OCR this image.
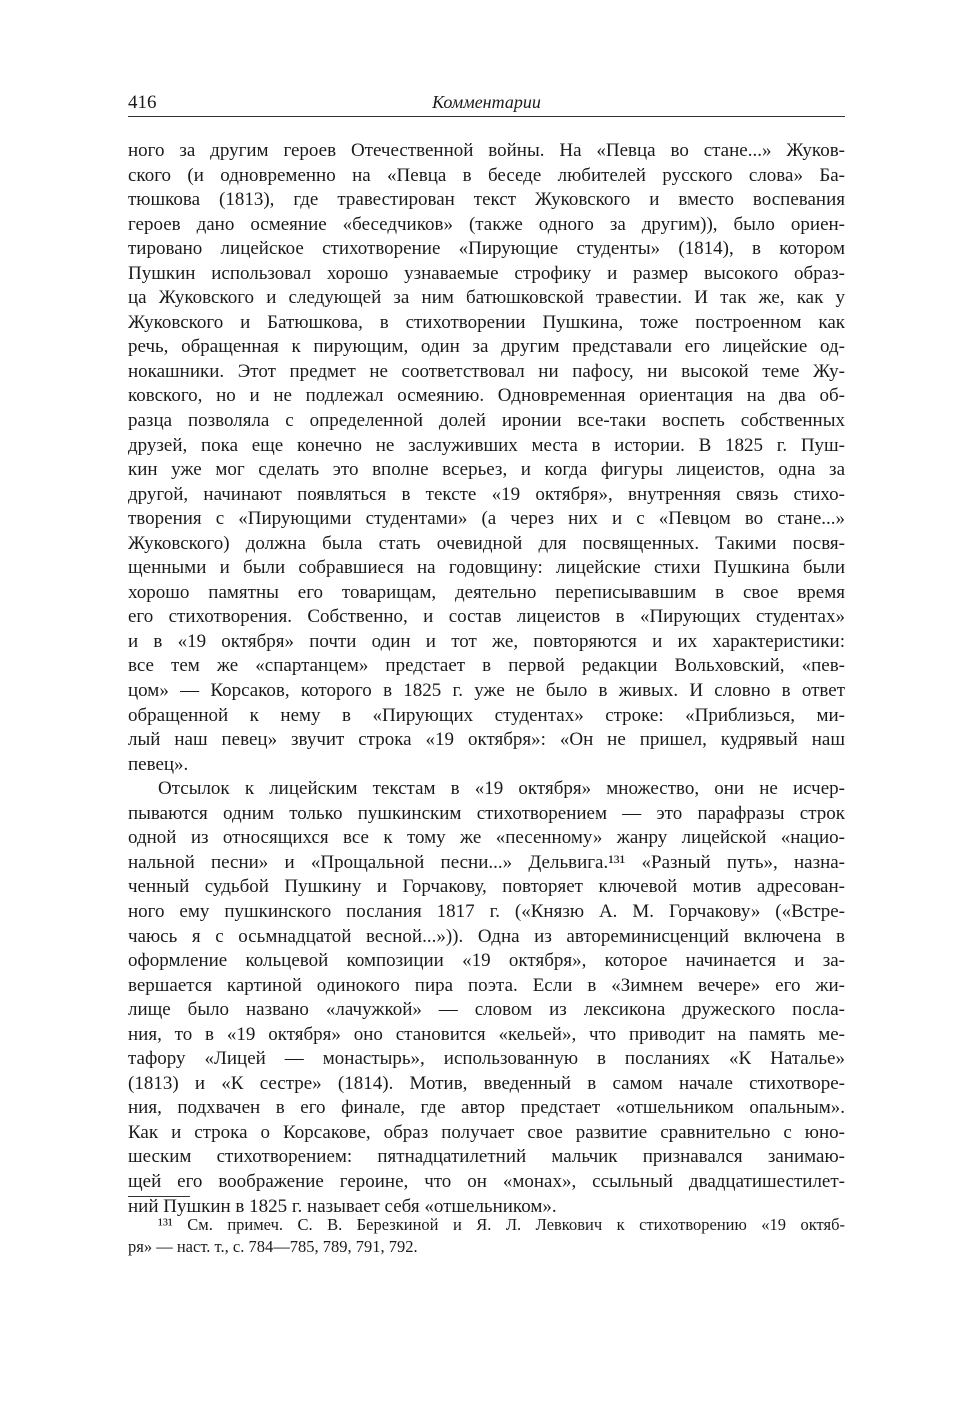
416	Комментарии
ного за другим героев Отечественной войны. На «Певца во стане...» Жуков-
ского (и одновременно на «Певца в беседе любителей русского слова» Ба-
тюшкова (1813), где травестирован текст Жуковского и вместо воспевания
героев дано осмеяние «беседчиков» (также одного за другим)), было ориен-
тировано лицейское стихотворение «Пирующие студенты» (1814), в котором
Пушкин использовал хорошо узнаваемые строфику и размер высокого образ-
ца Жуковского и следующей за ним батюшковской травестии. И так же, как у
Жуковского и Батюшкова, в стихотворении Пушкина, тоже построенном как
речь, обращенная к пирующим, один за другим представали его лицейские од-
нокашники. Этот предмет не соответствовал ни пафосу, ни высокой теме Жу-
ковского, но и не подлежал осмеянию. Одновременная ориентация на два об-
разца позволяла с определенной долей иронии все-таки воспеть собственных
друзей, пока еще конечно не заслуживших места в истории. В 1825 г. Пуш-
кин уже мог сделать это вполне всерьез, и когда фигуры лицеистов, одна за
другой, начинают появляться в тексте «19 октября», внутренняя связь стихо-
творения с «Пирующими студентами» (а через них и с «Певцом во стане...»
Жуковского) должна была стать очевидной для посвященных. Такими посвя-
щенными и были собравшиеся на годовщину: лицейские стихи Пушкина были
хорошо памятны его товарищам, деятельно переписывавшим в свое время
его стихотворения. Собственно, и состав лицеистов в «Пирующих студентах»
и в «19 октября» почти один и тот же, повторяются и их характеристики:
все тем же «спартанцем» предстает в первой редакции Вольховский, «пев-
цом» — Корсаков, которого в 1825 г. уже не было в живых. И словно в ответ
обращенной к нему в «Пирующих студентах» строке: «Приблизься, ми-
лый наш певец» звучит строка «19 октября»: «Он не пришел, кудрявый наш
певец».
Отсылок к лицейским текстам в «19 октября» множество, они не исчер-
пываются одним только пушкинским стихотворением — это парафразы строк
одной из относящихся все к тому же «песенному» жанру лицейской «нацио-
нальной песни» и «Прощальной песни...» Дельвига.¹³¹ «Разный путь», назна-
ченный судьбой Пушкину и Горчакову, повторяет ключевой мотив адресован-
ного ему пушкинского послания 1817 г. («Князю А. М. Горчакову» («Встре-
чаюсь я с осьмнадцатой весной...»)). Одна из автореминисценций включена в
оформление кольцевой композиции «19 октября», которое начинается и за-
вершается картиной одинокого пира поэта. Если в «Зимнем вечере» его жи-
лище было названо «лачужкой» — словом из лексикона дружеского посла-
ния, то в «19 октября» оно становится «кельей», что приводит на память ме-
тафору «Лицей — монастырь», использованную в посланиях «К Наталье»
(1813) и «К сестре» (1814). Мотив, введенный в самом начале стихотворе-
ния, подхвачен в его финале, где автор предстает «отшельником опальным».
Как и строка о Корсакове, образ получает свое развитие сравнительно с юно-
шеским стихотворением: пятнадцатилетний мальчик признавался занимаю-
щей его воображение героине, что он «монах», ссыльный двадцатишестилет-
ний Пушкин в 1825 г. называет себя «отшельником».
¹³¹ См. примеч. С. В. Березкиной и Я. Л. Левкович к стихотворению «19 октяб-
ря» — наст. т., с. 784—785, 789, 791, 792.
